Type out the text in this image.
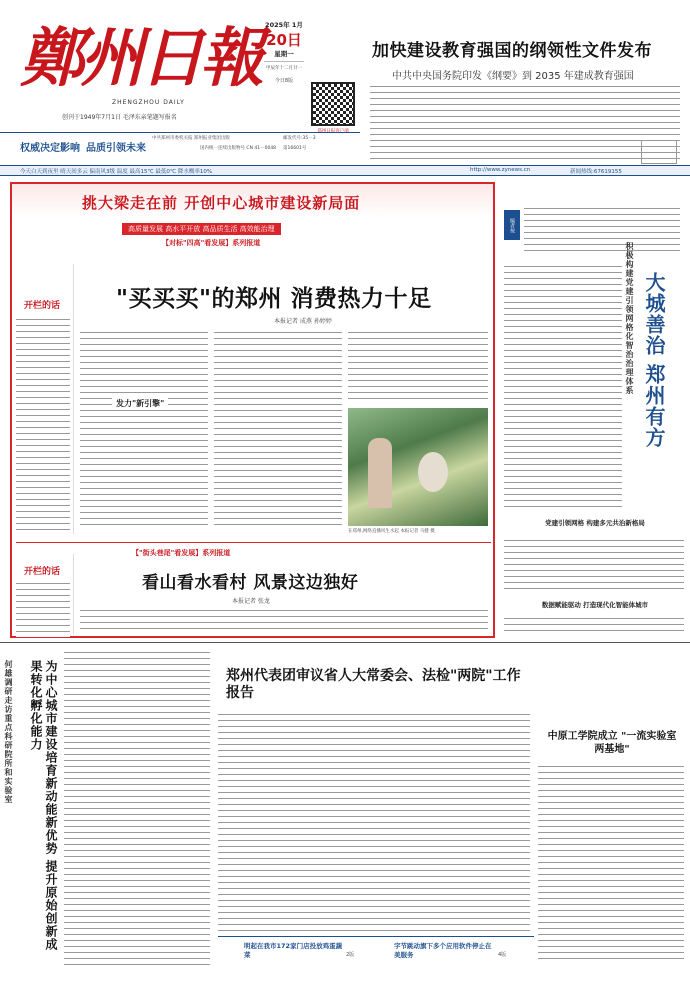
鄭州日報
ZHENGZHOU DAILY
创刊于1949年7月1日 毛泽东亲笔题写报名
2025年 1月
20日
星期一
甲辰年十二月廿一
今日8版
郑州日报客户端
权威决定影响 品质引领未来
中共郑州市委机关报 郑州报业集团出版
国内统一连续出版物号 CN 41－0048
邮发代号:35－3
第16601号
加快建设教育强国的纲领性文件发布
中共中央国务院印发《纲要》到 2035 年建成教育强国
今天白天到夜里 晴天间多云 偏南风3级 温度 最高15℃ 最低0℃ 降水概率10%	http://www.zynews.cn	新闻热线:67619155
挑大梁走在前 开创中心城市建设新局面
高质量发展 高水平开放 高品质生活 高效能治理
【对标"四高"看发展】系列报道
开栏的话	"买买买"的郑州 消费热力十足
本报记者 成燕 孙婷婷
发力"新引擎"
在郑州,网络直播风生水起 本报记者 马健 摄
【"街头巷尾"看发展】系列报道
开栏的话
看山看水看村 风景这边独好
本报记者 张龙
编者按
大城善治 郑州有方
积极构建党建引领网格化智治治理体系
党建引领网格 构建多元共治新格局
数据赋能驱动 打造现代化智能体城市
为中心城市建设培育新动能新优势 提升原始创新成果转化孵化能力
何雄调研走访重点科研院所和实验室	郑州代表团审议省人大常委会、法检"两院"工作报告
中原工学院成立 "一流实验室两基地"
明起在我市172家门店投放鸡蛋蔬菜	2版
字节跳动旗下多个应用软件停止在美服务	4版
